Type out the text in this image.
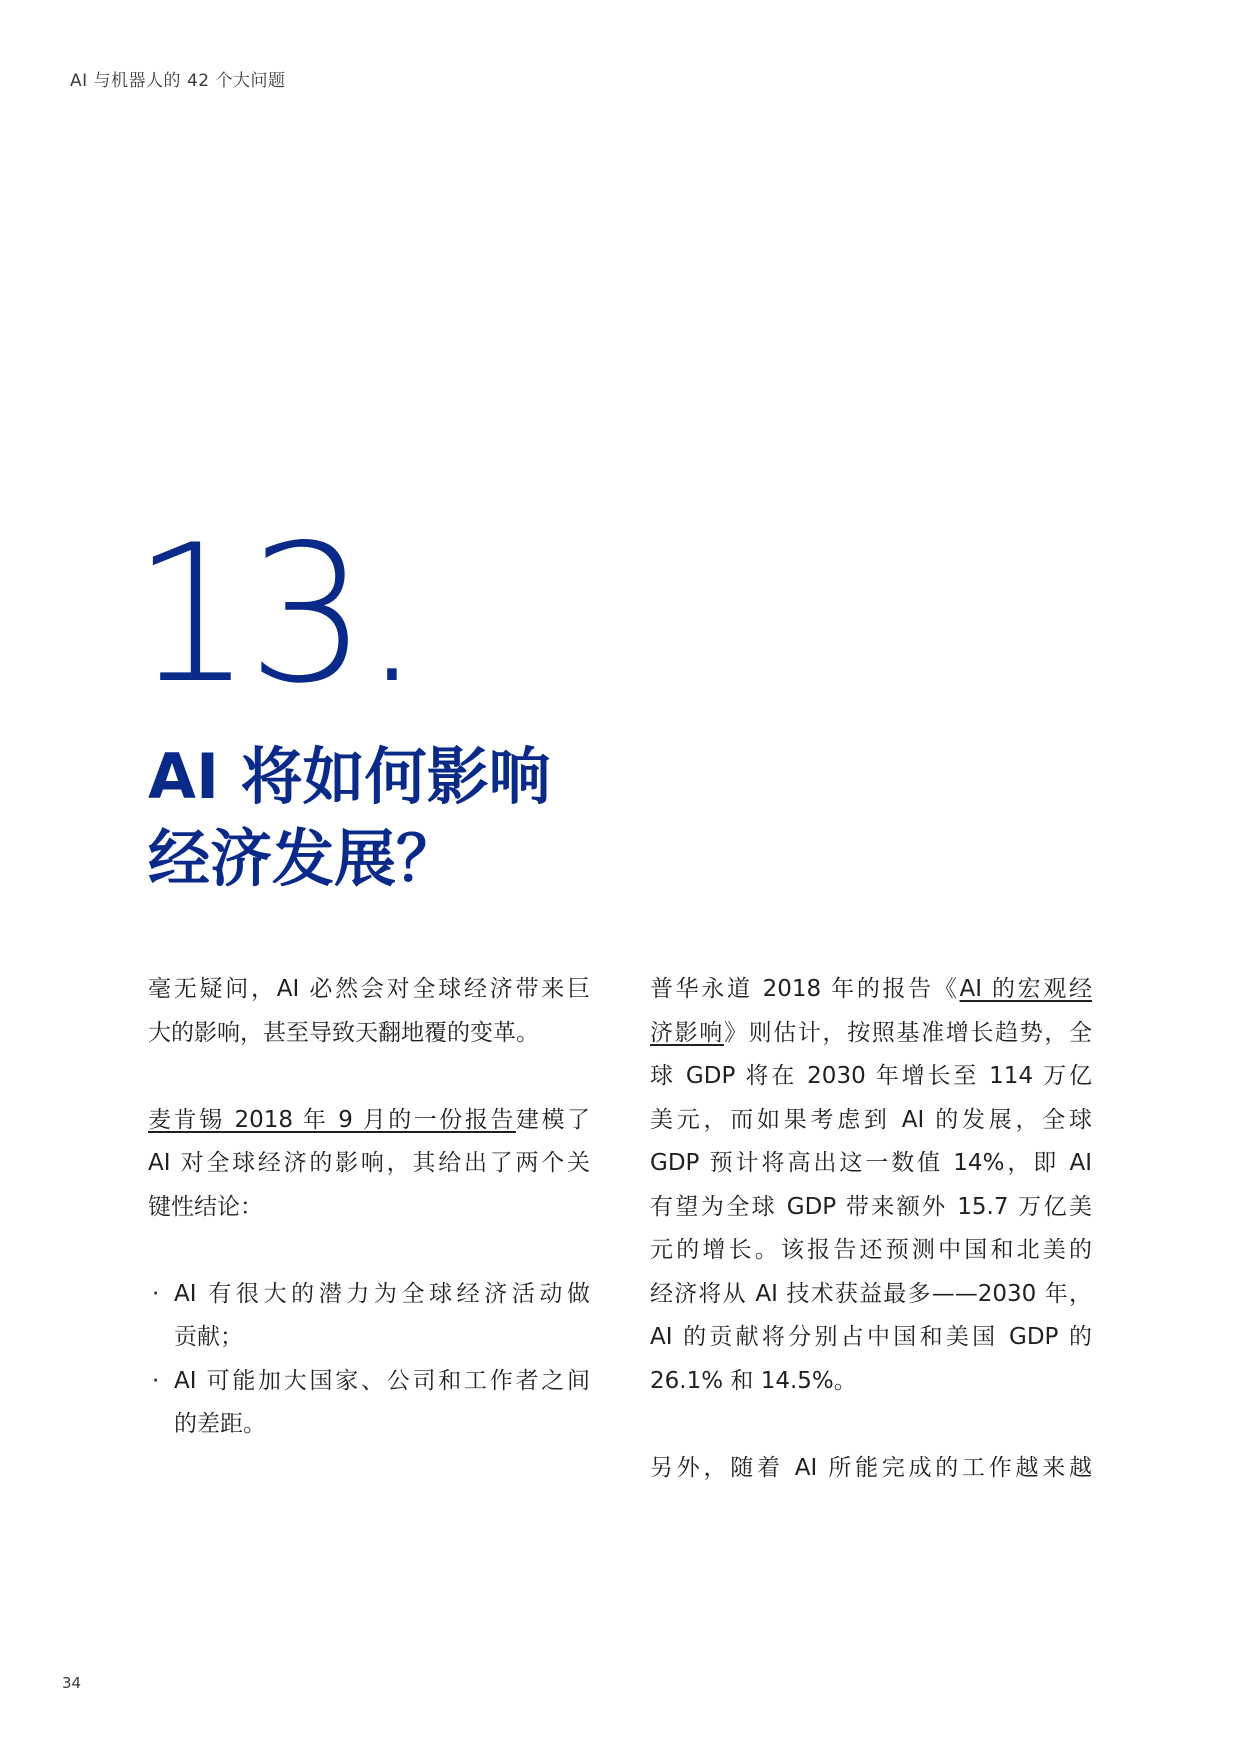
AI 与机器人的 42 个大问题
13.
AI 将如何影响
经济发展？

毫无疑问，AI 必然会对全球经济带来巨
大的影响，甚至导致天翻地覆的变革。

麦肯锡 2018 年 9 月的一份报告建模了
AI 对全球经济的影响，其给出了两个关
键性结论：

· AI 有很大的潜力为全球经济活动做
贡献；
· AI 可能加大国家、公司和工作者之间
的差距。

普华永道 2018 年的报告《AI 的宏观经
济影响》则估计，按照基准增长趋势，全
球 GDP 将在 2030 年增长至 114 万亿
美元，而如果考虑到 AI 的发展，全球
GDP 预计将高出这一数值 14%，即 AI
有望为全球 GDP 带来额外 15.7 万亿美
元的增长。该报告还预测中国和北美的
经济将从 AI 技术获益最多——2030 年，
AI 的贡献将分别占中国和美国 GDP 的
26.1% 和 14.5%。

另外，随着 AI 所能完成的工作越来越

34
